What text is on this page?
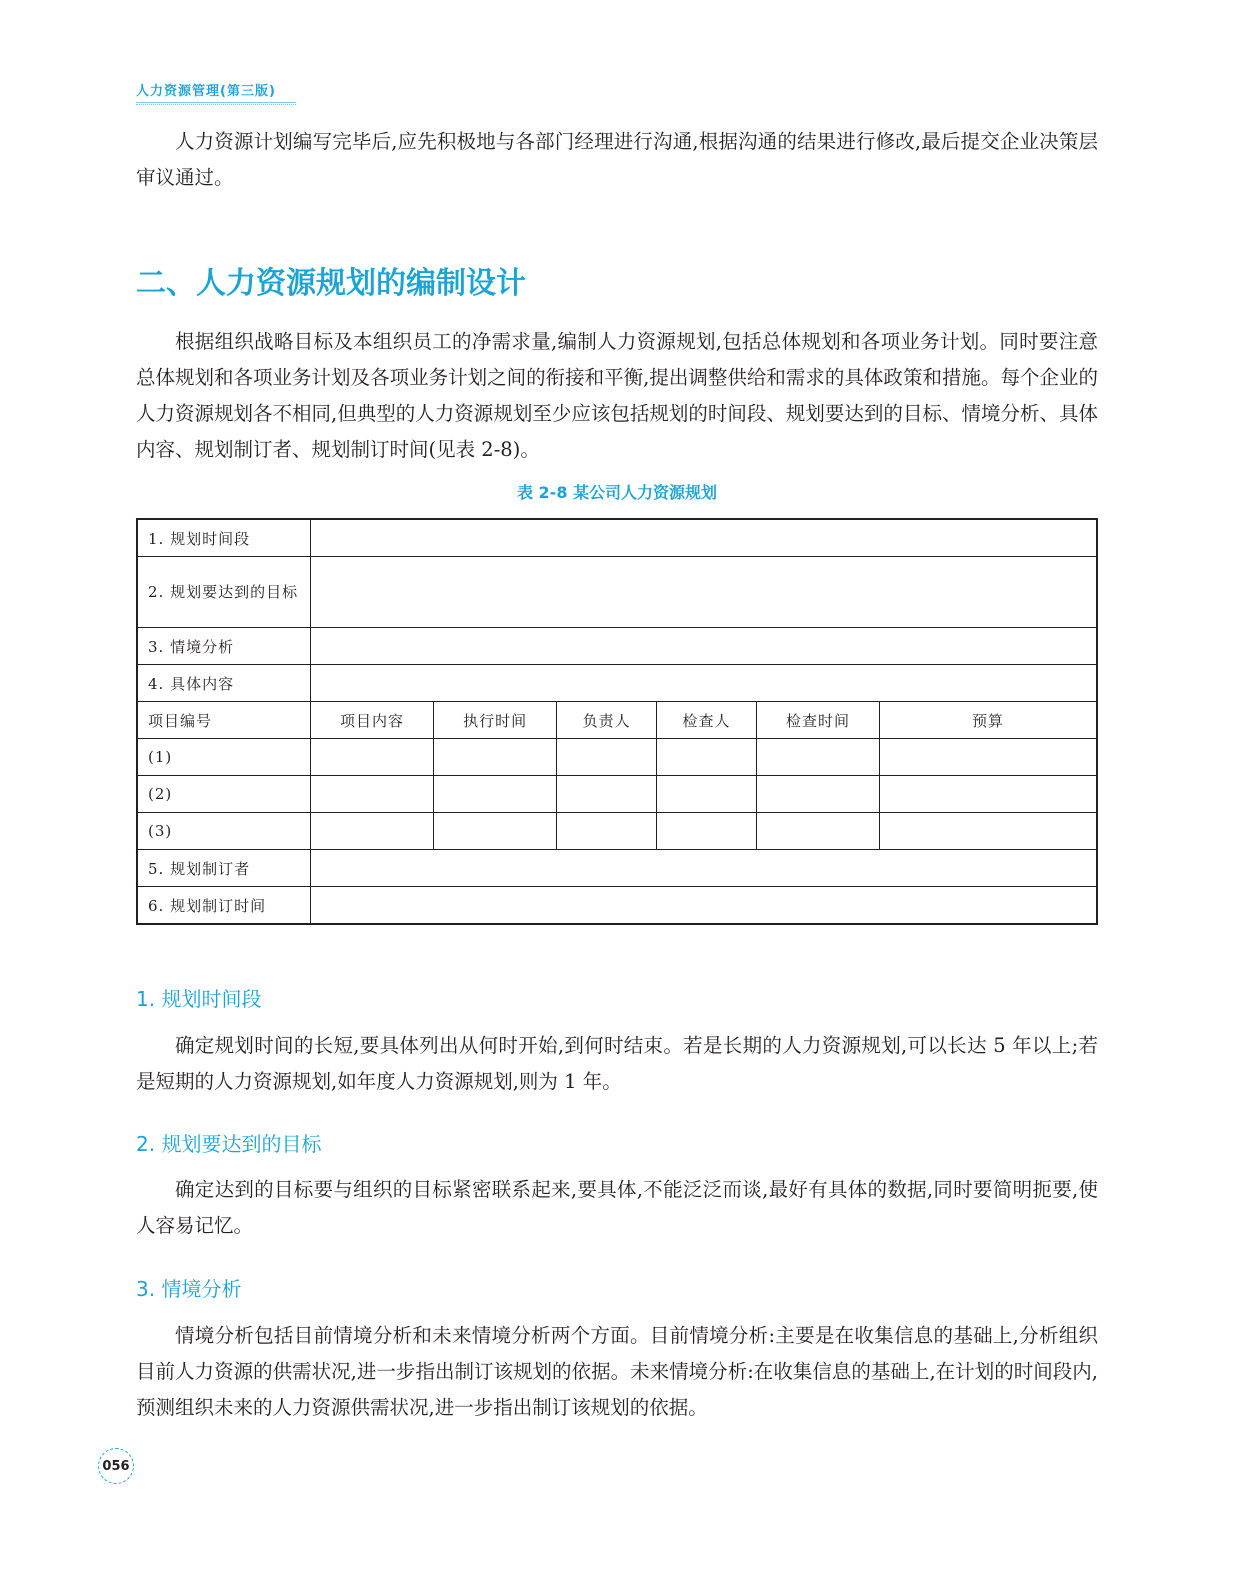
人力资源管理(第三版)

人力资源计划编写完毕后,应先积极地与各部门经理进行沟通,根据沟通的结果进行修改,最后提交企业决策层审议通过。

二、人力资源规划的编制设计

根据组织战略目标及本组织员工的净需求量,编制人力资源规划,包括总体规划和各项业务计划。同时要注意总体规划和各项业务计划及各项业务计划之间的衔接和平衡,提出调整供给和需求的具体政策和措施。每个企业的人力资源规划各不相同,但典型的人力资源规划至少应该包括规划的时间段、规划要达到的目标、情境分析、具体内容、规划制订者、规划制订时间(见表 2-8)。

表 2-8 某公司人力资源规划
1. 规划时间段						

2. 规划要达到的目标						

3. 情境分析						
4. 具体内容						
项目编号	项目内容	执行时间	负责人	检查人	检查时间	预算
(1)						
(2)						
(3)						
5. 规划制订者						
6. 规划制订时间						
1. 规划时间段

确定规划时间的长短,要具体列出从何时开始,到何时结束。若是长期的人力资源规划,可以长达 5 年以上;若是短期的人力资源规划,如年度人力资源规划,则为 1 年。

2. 规划要达到的目标

确定达到的目标要与组织的目标紧密联系起来,要具体,不能泛泛而谈,最好有具体的数据,同时要简明扼要,使人容易记忆。

3. 情境分析

情境分析包括目前情境分析和未来情境分析两个方面。目前情境分析:主要是在收集信息的基础上,分析组织目前人力资源的供需状况,进一步指出制订该规划的依据。未来情境分析:在收集信息的基础上,在计划的时间段内,预测组织未来的人力资源供需状况,进一步指出制订该规划的依据。

056
